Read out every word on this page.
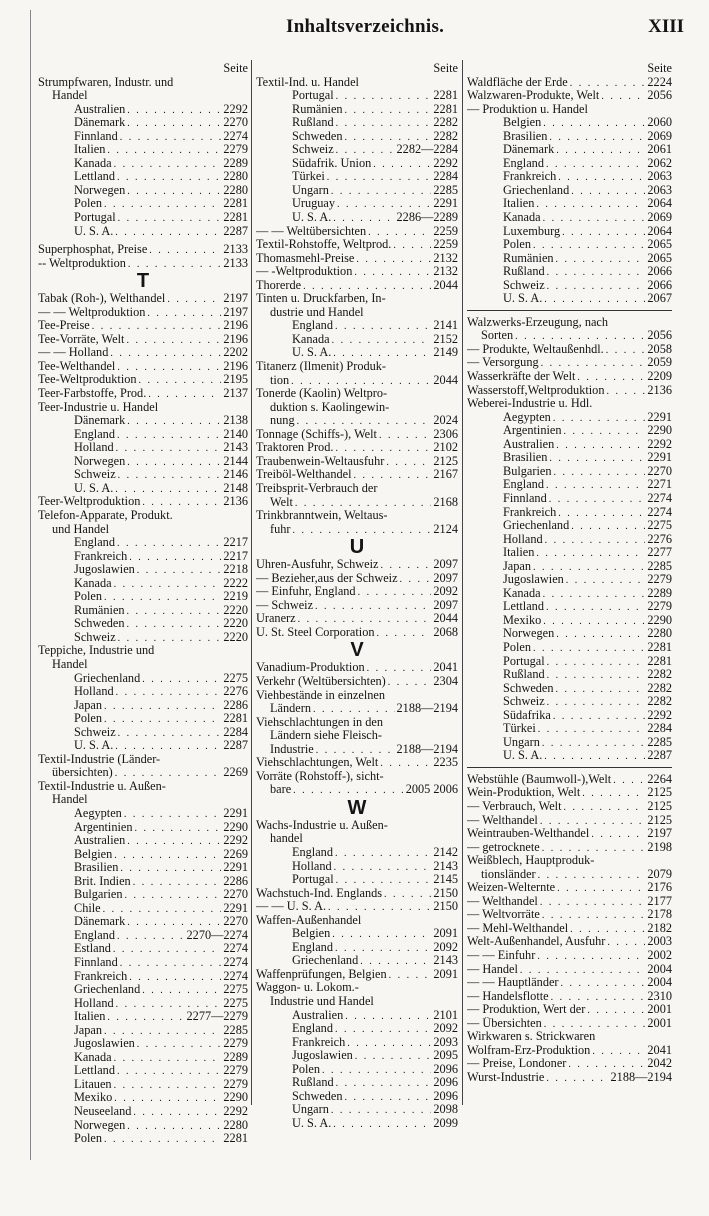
Inhaltsverzeichnis.	XIII
Seite
Strumpfwaren, Industr. und
Handel
Australien . . .	2292
Dänemark . . .	2270
Finnland . . .	2274
Italien . . .	2279
Kanada . . .	2289
Lettland . . .	2280
Norwegen . . .	2280
Polen . . .	2281
Portugal . . .	2281
U. S. A. . . .	2287
Superphosphat, Preise . . .	2133
-- Weltproduktion . . .	2133
T
Tabak (Roh-), Welthandel . . .	2197
— — Weltproduktion . . .	2197
Tee-Preise . . .	2196
Tee-Vorräte, Welt . . .	2196
— — Holland . . .	2202
Tee-Welthandel . . .	2196
Tee-Weltproduktion . . .	2195
Teer-Farbstoffe, Prod. . . .	2137
Teer-Industrie u. Handel
Dänemark . . .	2138
England . . .	2140
Holland . . .	2143
Norwegen . . .	2144
Schweiz . . .	2146
U. S. A. . . .	2148
Teer-Weltproduktion . . .	2136
Telefon-Apparate, Produkt.
und Handel
England . . .	2217
Frankreich . . .	2217
Jugoslawien . . .	2218
Kanada . . .	2222
Polen . . .	2219
Rumänien . . .	2220
Schweden . . .	2220
Schweiz . . .	2220
Teppiche, Industrie und
Handel
Griechenland . . .	2275
Holland . . .	2276
Japan . . .	2286
Polen . . .	2281
Schweiz . . .	2284
U. S. A. . . .	2287
Textil-Industrie (Länder-
übersichten) . . .	2269
Textil-Industrie u. Außen-
Handel
Aegypten . . .	2291
Argentinien . . .	2290
Australien . . .	2292
Belgien . . .	2269
Brasilien . . .	2291
Brit. Indien . . .	2286
Bulgarien . . .	2270
Chile . . .	2291
Dänemark . . .	2270
England . . .	2270—2274
Estland . . .	2274
Finnland . . .	2274
Frankreich . . .	2274
Griechenland . . .	2275
Holland . . .	2275
Italien . . .	2277—2279
Japan . . .	2285
Jugoslawien . . .	2279
Kanada . . .	2289
Lettland . . .	2279
Litauen . . .	2279
Mexiko . . .	2290
Neuseeland . . .	2292
Norwegen . . .	2280
Polen . . .	2281
Seite
Textil-Ind. u. Handel
Portugal . . .	2281
Rumänien . . .	2281
Rußland . . .	2282
Schweden . . .	2282
Schweiz . . .	2282—2284
Südafrik. Union . . .	2292
Türkei . . .	2284
Ungarn . . .	2285
Uruguay . . .	2291
U. S. A. . . .	2286—2289
— — Weltübersichten . . .	2259
Textil-Rohstoffe, Weltprod. . . .	2259
Thomasmehl-Preise . . .	2132
— -Weltproduktion . . .	2132
Thorerde . . .	2044
Tinten u. Druckfarben, In-
dustrie und Handel
England . . .	2141
Kanada . . .	2152
U. S. A. . . .	2149
Titanerz (Ilmenit) Produk-
tion . . .	2044
Tonerde (Kaolin) Weltpro-
duktion s. Kaolingewin-
nung . . .	2024
Tonnage (Schiffs-), Welt . . .	2306
Traktoren Prod. . . .	2102
Traubenwein-Weltausfuhr . . .	2125
Treiböl-Welthandel . . .	2167
Treibsprit-Verbrauch der
Welt . . .	2168
Trinkbranntwein, Weltaus-
fuhr . . .	2124
U
Uhren-Ausfuhr, Schweiz . . .	2097
— Bezieher,aus der Schweiz . . .	2097
— Einfuhr, England . . .	2092
— Schweiz . . .	2097
Uranerz . . .	2044
U. St. Steel Corporation . . .	2068
V
Vanadium-Produktion . . .	2041
Verkehr (Weltübersichten) . . .	2304
Viehbestände in einzelnen
Ländern . . .	2188—2194
Viehschlachtungen in den
Ländern siehe Fleisch-
Industrie . . .	2188—2194
Viehschlachtungen, Welt . . .	2235
Vorräte (Rohstoff-), sicht-
bare . . .	2005 2006
W
Wachs-Industrie u. Außen-
handel
England . . .	2142
Holland . . .	2143
Portugal . . .	2145
Wachstuch-Ind. Englands . . .	2150
— — U. S. A. . . .	2150
Waffen-Außenhandel
Belgien . . .	2091
England . . .	2092
Griechenland . . .	2143
Waffenprüfungen, Belgien . . .	2091
Waggon- u. Lokom.-
Industrie und Handel
Australien . . .	2101
England . . .	2092
Frankreich . . .	2093
Jugoslawien . . .	2095
Polen . . .	2096
Rußland . . .	2096
Schweden . . .	2096
Ungarn . . .	2098
U. S. A. . . .	2099
Seite
Waldfläche der Erde . . .	2224
Walzwaren-Produkte, Welt . . .	2056
— Produktion u. Handel
Belgien . . .	2060
Brasilien . . .	2069
Dänemark . . .	2061
England . . .	2062
Frankreich . . .	2063
Griechenland . . .	2063
Italien . . .	2064
Kanada . . .	2069
Luxemburg . . .	2064
Polen . . .	2065
Rumänien . . .	2065
Rußland . . .	2066
Schweiz . . .	2066
U. S. A. . . .	2067
Walzwerks-Erzeugung, nach
Sorten . . .	2056
— Produkte, Weltaußenhdl. . . .	2058
— Versorgung . . .	2059
Wasserkräfte der Welt . . .	2209
Wasserstoff,Weltproduktion . . .	2136
Weberei-Industrie u. Hdl.
Aegypten . . .	2291
Argentinien . . .	2290
Australien . . .	2292
Brasilien . . .	2291
Bulgarien . . .	2270
England . . .	2271
Finnland . . .	2274
Frankreich . . .	2274
Griechenland . . .	2275
Holland . . .	2276
Italien . . .	2277
Japan . . .	2285
Jugoslawien . . .	2279
Kanada . . .	2289
Lettland . . .	2279
Mexiko . . .	2290
Norwegen . . .	2280
Polen . . .	2281
Portugal . . .	2281
Rußland . . .	2282
Schweden . . .	2282
Schweiz . . .	2282
Südafrika . . .	2292
Türkei . . .	2284
Ungarn . . .	2285
U. S. A. . . .	2287
Webstühle (Baumwoll-),Welt . . .	2264
Wein-Produktion, Welt . . .	2125
— Verbrauch, Welt . . .	2125
— Welthandel . . .	2125
Weintrauben-Welthandel . . .	2197
— getrocknete . . .	2198
Weißblech, Hauptproduk-
tionsländer . . .	2079
Weizen-Welternte . . .	2176
— Welthandel . . .	2177
— Weltvorräte . . .	2178
— Mehl-Welthandel . . .	2182
Welt-Außenhandel, Ausfuhr . . .	2003
— — Einfuhr . . .	2002
— Handel . . .	2004
— — Hauptländer . . .	2004
— Handelsflotte . . .	2310
— Produktion, Wert der . . .	2001
— Übersichten . . .	2001
Wirkwaren s. Strickwaren
Wolfram-Erz-Produktion . . .	2041
— Preise, Londoner . . .	2042
Wurst-Industrie . . .	2188—2194
